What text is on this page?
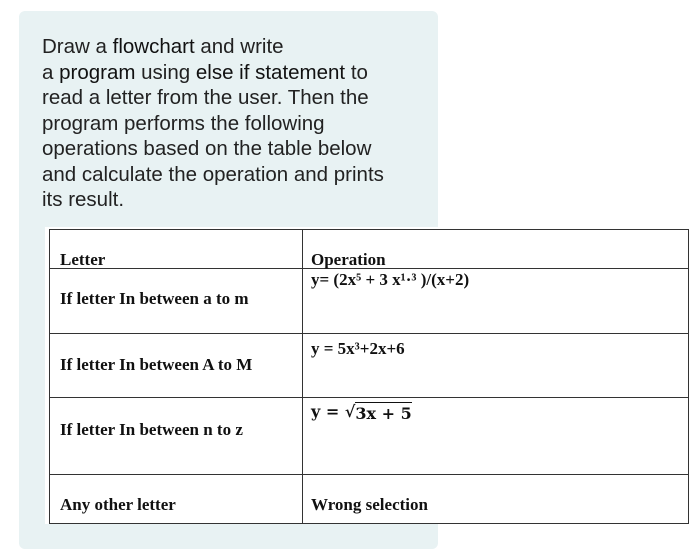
Draw a flowchart and write
a program using else if statement to
read a letter from the user. Then the
program performs the following
operations based on the table below
and calculate the operation and prints
its result.
Letter	Operation

If letter In between a to m	y= (2x⁵ + 3 x¹·³ )/(x+2)

If letter In between A to M	y = 5x³+2x+6

If letter In between n to z	y = √ 3x + 5

Any other letter	Wrong selection
